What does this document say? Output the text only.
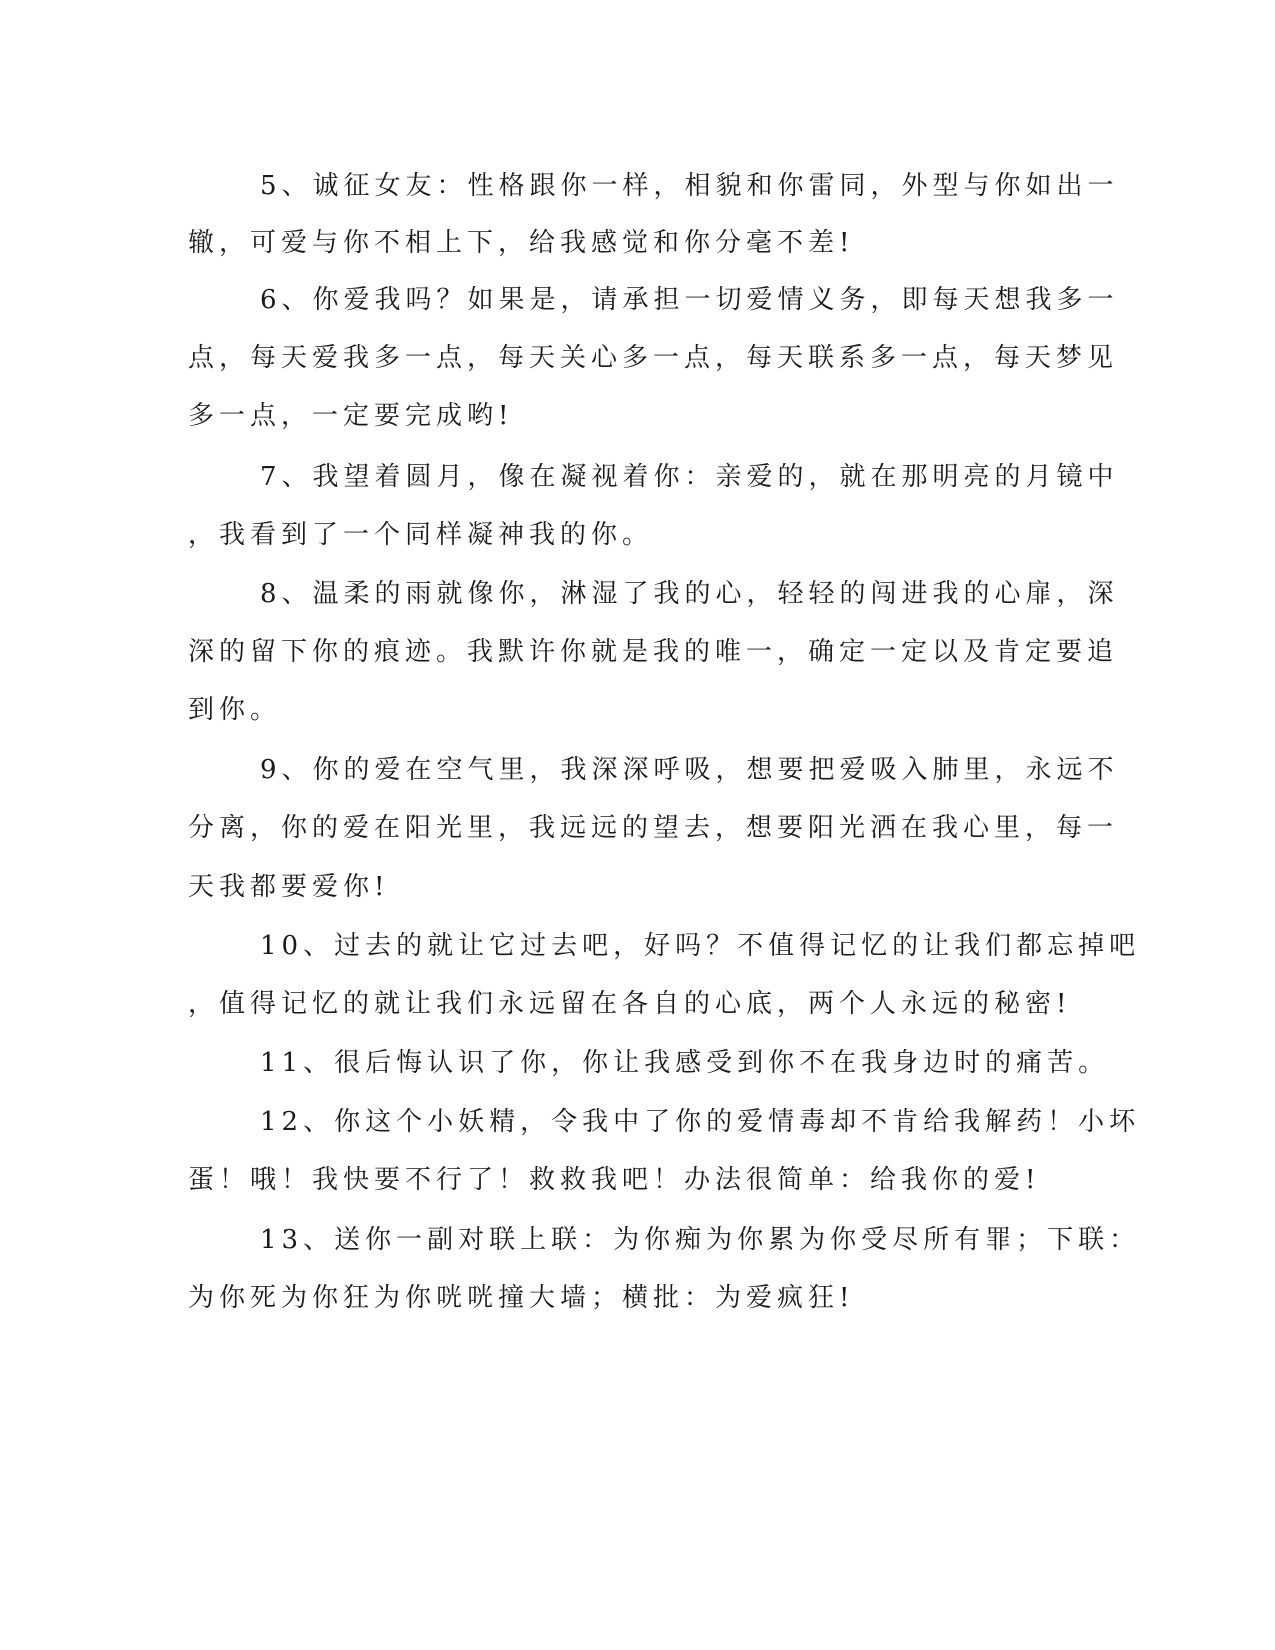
5、诚征女友：性格跟你一样，相貌和你雷同，外型与你如出一

辙，可爱与你不相上下，给我感觉和你分毫不差!

6、你爱我吗？如果是，请承担一切爱情义务，即每天想我多一

点，每天爱我多一点，每天关心多一点，每天联系多一点，每天梦见

多一点，一定要完成哟!

7、我望着圆月，像在凝视着你：亲爱的，就在那明亮的月镜中

，我看到了一个同样凝神我的你。

8、温柔的雨就像你，淋湿了我的心，轻轻的闯进我的心扉，深

深的留下你的痕迹。我默许你就是我的唯一，确定一定以及肯定要追

到你。

9、你的爱在空气里，我深深呼吸，想要把爱吸入肺里，永远不

分离，你的爱在阳光里，我远远的望去，想要阳光洒在我心里，每一

天我都要爱你!

10、过去的就让它过去吧，好吗？不值得记忆的让我们都忘掉吧

，值得记忆的就让我们永远留在各自的心底，两个人永远的秘密!

11、很后悔认识了你，你让我感受到你不在我身边时的痛苦。

12、你这个小妖精，令我中了你的爱情毒却不肯给我解药！小坏

蛋！哦！我快要不行了！救救我吧！办法很简单：给我你的爱!

13、送你一副对联上联：为你痴为你累为你受尽所有罪；下联：

为你死为你狂为你咣咣撞大墙；横批：为爱疯狂!
